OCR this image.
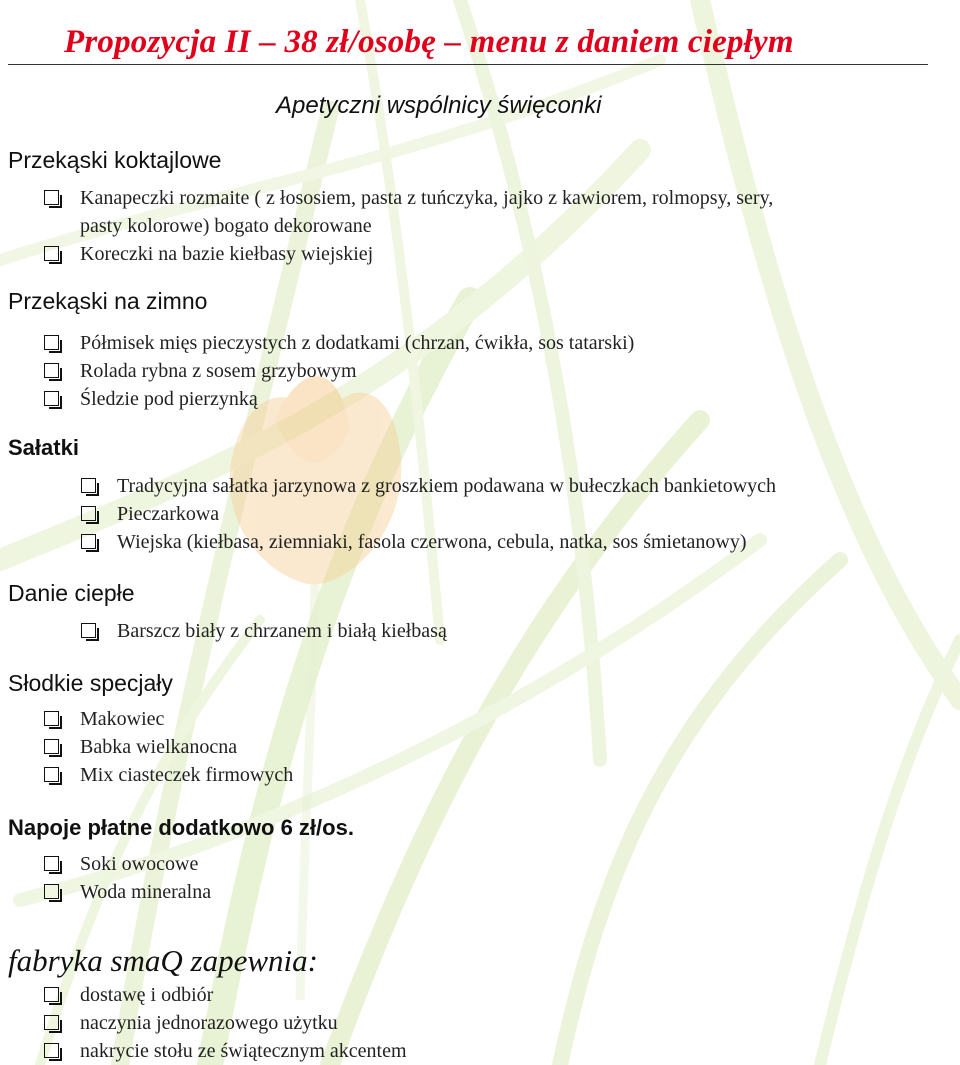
Propozycja II – 38 zł/osobę – menu z daniem ciepłym
Apetyczni wspólnicy święconki
Przekąski koktajlowe
Kanapeczki rozmaite ( z łososiem, pasta z tuńczyka, jajko z kawiorem, rolmopsy, sery,
pasty kolorowe) bogato dekorowane
Koreczki na bazie kiełbasy wiejskiej
Przekąski na zimno
Półmisek mięs pieczystych z dodatkami (chrzan, ćwikła, sos tatarski)
Rolada rybna z sosem grzybowym
Śledzie pod pierzynką
Sałatki
Tradycyjna sałatka jarzynowa z groszkiem podawana w bułeczkach bankietowych
Pieczarkowa
Wiejska (kiełbasa, ziemniaki, fasola czerwona, cebula, natka, sos śmietanowy)
Danie ciepłe
Barszcz biały z chrzanem i białą kiełbasą
Słodkie specjały
Makowiec
Babka wielkanocna
Mix ciasteczek firmowych
Napoje płatne dodatkowo 6 zł/os.
Soki owocowe
Woda mineralna
fabryka smaQ zapewnia:
dostawę i odbiór
naczynia jednorazowego użytku
nakrycie stołu ze świątecznym akcentem
